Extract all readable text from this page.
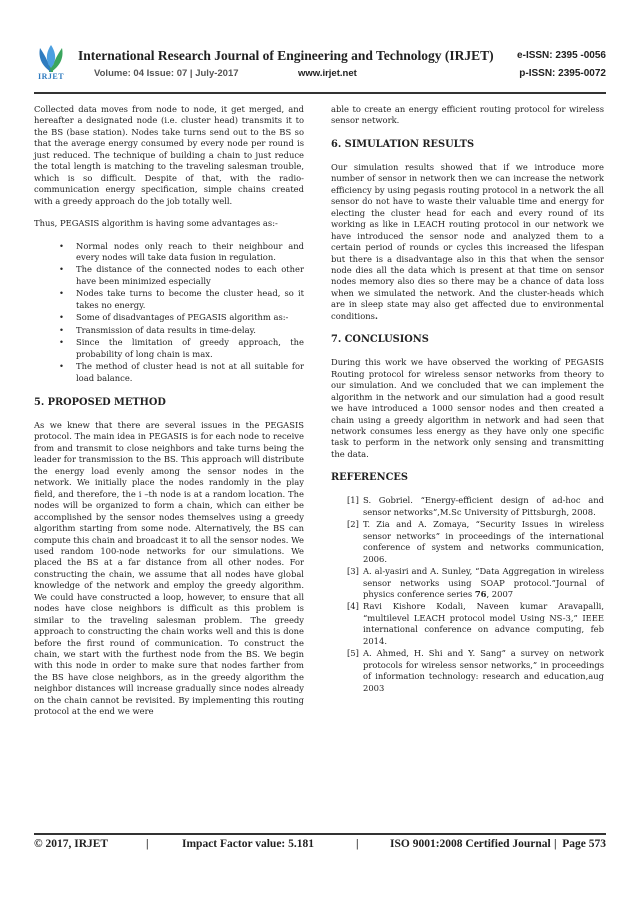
IRJET
International Research Journal of Engineering and Technology (IRJET) e-ISSN: 2395 -0056
Volume: 04 Issue: 07 | July-2017	www.irjet.net	p-ISSN: 2395-0072

Collected data moves from node to node, it get merged, and hereafter a designated node (i.e. cluster head) transmits it to the BS (base station). Nodes take turns send out to the BS so that the average energy consumed by every node per round is just reduced. The technique of building a chain to just reduce the total length is matching to the traveling salesman trouble, which is so difficult. Despite of that, with the radio-communication energy specification, simple chains created with a greedy approach do the job totally well.

Thus, PEGASIS algorithm is having some advantages as:-

• Normal nodes only reach to their neighbour and every nodes will take data fusion in regulation.
• The distance of the connected nodes to each other have been minimized especially
• Nodes take turns to become the cluster head, so it takes no energy.
• Some of disadvantages of PEGASIS algorithm as:-
• Transmission of data results in time-delay.
• Since the limitation of greedy approach, the probability of long chain is max.
• The method of cluster head is not at all suitable for load balance.
5. PROPOSED METHOD

As we knew that there are several issues in the PEGASIS protocol. The main idea in PEGASIS is for each node to receive from and transmit to close neighbors and take turns being the leader for transmission to the BS. This approach will distribute the energy load evenly among the sensor nodes in the network. We initially place the nodes randomly in the play field, and therefore, the i –th node is at a random location. The nodes will be organized to form a chain, which can either be accomplished by the sensor nodes themselves using a greedy algorithm starting from some node. Alternatively, the BS can compute this chain and broadcast it to all the sensor nodes. We used random 100-node networks for our simulations. We placed the BS at a far distance from all other nodes. For constructing the chain, we assume that all nodes have global knowledge of the network and employ the greedy algorithm. We could have constructed a loop, however, to ensure that all nodes have close neighbors is difficult as this problem is similar to the traveling salesman problem. The greedy approach to constructing the chain works well and this is done before the first round of communication. To construct the chain, we start with the furthest node from the BS. We begin with this node in order to make sure that nodes farther from the BS have close neighbors, as in the greedy algorithm the neighbor distances will increase gradually since nodes already on the chain cannot be revisited. By implementing this routing protocol at the end we were

able to create an energy efficient routing protocol for wireless sensor network.

6. SIMULATION RESULTS

Our simulation results showed that if we introduce more number of sensor in network then we can increase the network efficiency by using pegasis routing protocol in a network the all sensor do not have to waste their valuable time and energy for electing the cluster head for each and every round of its working as like in LEACH routing protocol in our network we have introduced the sensor node and analyzed them to a certain period of rounds or cycles this increased the lifespan but there is a disadvantage also in this that when the sensor node dies all the data which is present at that time on sensor nodes memory also dies so there may be a chance of data loss when we simulated the network. And the cluster-heads which are in sleep state may also get affected due to environmental conditions.

7. CONCLUSIONS

During this work we have observed the working of PEGASIS Routing protocol for wireless sensor networks from theory to our simulation. And we concluded that we can implement the algorithm in the network and our simulation had a good result we have introduced a 1000 sensor nodes and then created a chain using a greedy algorithm in network and had seen that network consumes less energy as they have only one specific task to perform in the network only sensing and transmitting the data.

REFERENCES
[1] S. Gobriel. “Energy-efficient design of ad-hoc and sensor networks”,M.Sc University of Pittsburgh, 2008.
[2] T. Zia and A. Zomaya, “Security Issues in wireless sensor networks” in proceedings of the international conference of system and networks communication, 2006.
[3] A. al-yasiri and A. Sunley, “Data Aggregation in wireless sensor networks using SOAP protocol.”Journal of physics conference series 76, 2007
[4] Ravi Kishore Kodali, Naveen kumar Aravapalli, “multilevel LEACH protocol model Using NS-3,” IEEE international conference on advance computing, feb 2014.
[5] A. Ahmed, H. Shi and Y. Sang” a survey on network protocols for wireless sensor networks,” in proceedings of information technology: research and education,aug 2003
© 2017, IRJET	|	Impact Factor value: 5.181	|	ISO 9001:2008 Certified Journal | Page 573
